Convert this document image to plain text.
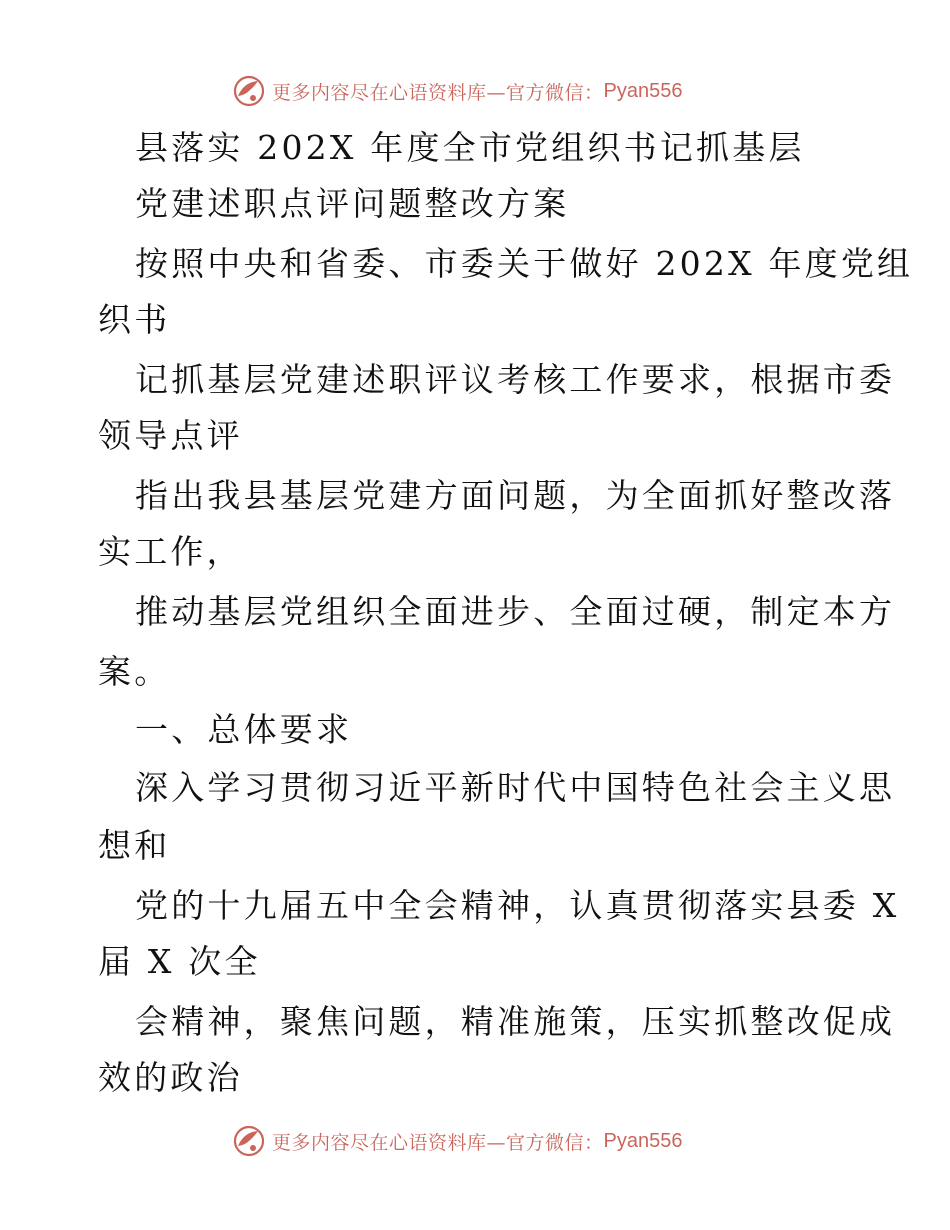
更多内容尽在心语资料库—官方微信： Pyan556
县落实 202X 年度全市党组织书记抓基层
党建述职点评问题整改方案
按照中央和省委、市委关于做好 202X 年度党组
织书
记抓基层党建述职评议考核工作要求，根据市委
领导点评
指出我县基层党建方面问题，为全面抓好整改落
实工作，
推动基层党组织全面进步、全面过硬，制定本方
案。
一、总体要求
深入学习贯彻习近平新时代中国特色社会主义思
想和
党的十九届五中全会精神，认真贯彻落实县委 X
届 X 次全
会精神，聚焦问题，精准施策，压实抓整改促成
效的政治
更多内容尽在心语资料库—官方微信： Pyan556
